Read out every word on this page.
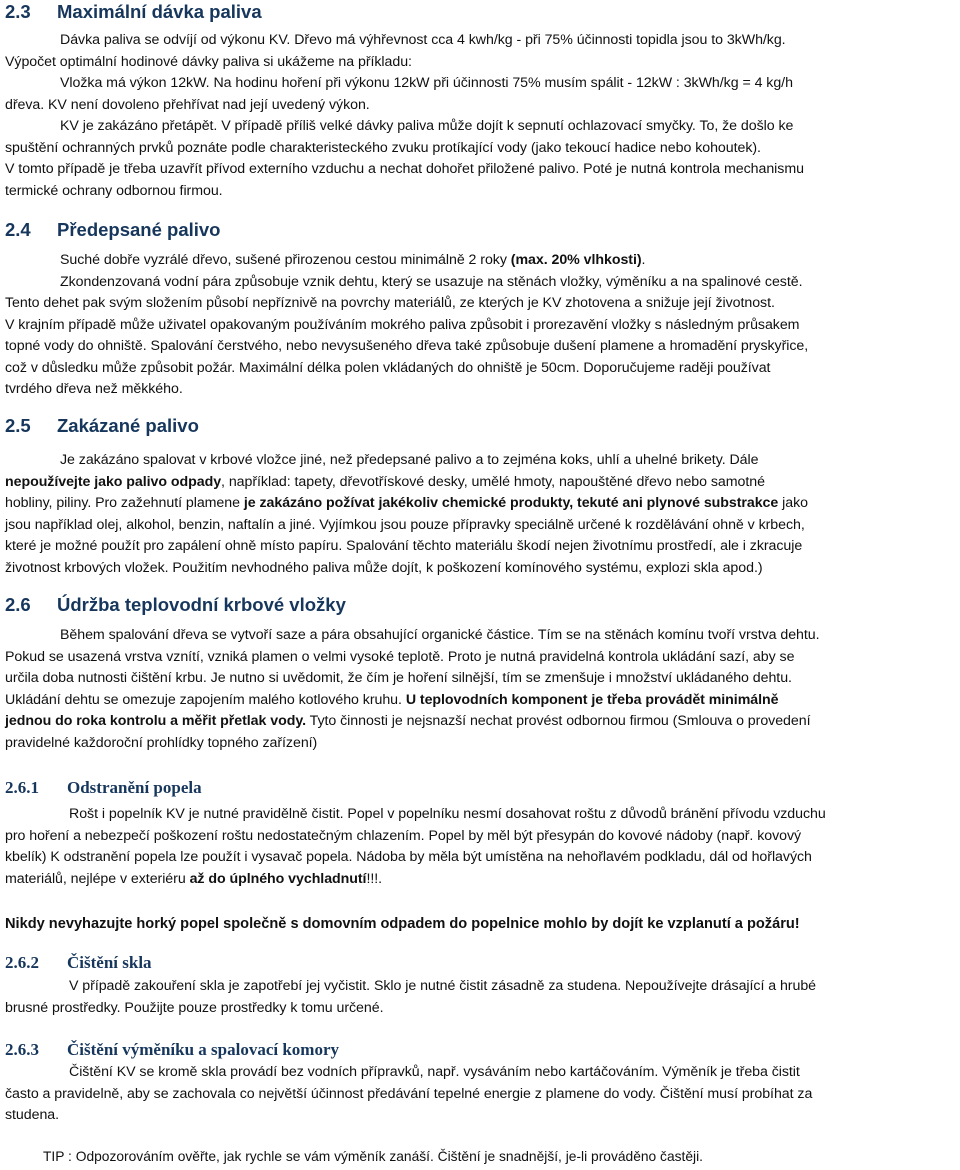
2.3 Maximální dávka paliva

Dávka paliva se odvíjí od výkonu KV. Dřevo má výhřevnost cca 4 kwh/kg - při 75% účinnosti topidla jsou to 3kWh/kg.

Výpočet optimální hodinové dávky paliva si ukážeme na příkladu:

Vložka má výkon 12kW. Na hodinu hoření při výkonu 12kW při účinnosti 75% musím spálit - 12kW : 3kWh/kg = 4 kg/h

dřeva. KV není dovoleno přehřívat nad její uvedený výkon.

KV je zakázáno přetápět. V případě příliš velké dávky paliva může dojít k sepnutí ochlazovací smyčky. To, že došlo ke

spuštění ochranných prvků poznáte podle charakteristeckého zvuku protíkající vody (jako tekoucí hadice nebo kohoutek).

V tomto případě je třeba uzavřít přívod externího vzduchu a nechat dohořet přiložené palivo. Poté je nutná kontrola mechanismu

termické ochrany odbornou firmou.

2.4 Předepsané palivo

Suché dobře vyzrálé dřevo, sušené přirozenou cestou minimálně 2 roky (max. 20% vlhkosti).

Zkondenzovaná vodní pára způsobuje vznik dehtu, který se usazuje na stěnách vložky, výměníku a na spalinové cestě.

Tento dehet pak svým složením působí nepříznivě na povrchy materiálů, ze kterých je KV zhotovena a snižuje její životnost.

V krajním případě může uživatel opakovaným používáním mokrého paliva způsobit i prorezavění vložky s následným průsakem

topné vody do ohniště. Spalování čerstvého, nebo nevysušeného dřeva také způsobuje dušení plamene a hromadění pryskyřice,

což v důsledku může způsobit požár. Maximální délka polen vkládaných do ohniště je 50cm. Doporučujeme raději používat

tvrdého dřeva než měkkého.

2.5 Zakázané palivo

Je zakázáno spalovat v krbové vložce jiné, než předepsané palivo a to zejména koks, uhlí a uhelné brikety. Dále

nepoužívejte jako palivo odpady, například: tapety, dřevotřískové desky, umělé hmoty, napouštěné dřevo nebo samotné

hobliny, piliny. Pro zažehnutí plamene je zakázáno požívat jakékoliv chemické produkty, tekuté ani plynové substrakce jako

jsou například olej, alkohol, benzin, naftalín a jiné. Vyjímkou jsou pouze přípravky speciálně určené k rozdělávání ohně v krbech,

které je možné použít pro zapálení ohně místo papíru. Spalování těchto materiálu škodí nejen životnímu prostředí, ale i zkracuje

životnost krbových vložek. Použitím nevhodného paliva může dojít, k poškození komínového systému, explozi skla apod.)

2.6 Údržba teplovodní krbové vložky

Během spalování dřeva se vytvoří saze a pára obsahující organické částice. Tím se na stěnách komínu tvoří vrstva dehtu.

Pokud se usazená vrstva vznítí, vzniká plamen o velmi vysoké teplotě. Proto je nutná pravidelná kontrola ukládání sazí, aby se

určila doba nutnosti čištění krbu. Je nutno si uvědomit, že čím je hoření silnější, tím se zmenšuje i množství ukládaného dehtu.

Ukládání dehtu se omezuje zapojením malého kotlového kruhu. U teplovodních komponent je třeba provádět minimálně

jednou do roka kontrolu a měřit přetlak vody. Tyto činnosti je nejsnazší nechat provést odbornou firmou (Smlouva o provedení

pravidelné každoroční prohlídky topného zařízení)

2.6.1 Odstranění popela

Rošt i popelník KV je nutné pravidělně čistit. Popel v popelníku nesmí dosahovat roštu z důvodů bránění přívodu vzduchu

pro hoření a nebezpečí poškození roštu nedostatečným chlazením. Popel by měl být přesypán do kovové nádoby (např. kovový

kbelík) K odstranění popela lze použít i vysavač popela. Nádoba by měla být umístěna na nehořlavém podkladu, dál od hořlavých

materiálů, nejlépe v exteriéru až do úplného vychladnutí!!!.

Nikdy nevyhazujte horký popel společně s domovním odpadem do popelnice mohlo by dojít ke vzplanutí a požáru!

2.6.2 Čištění skla

V případě zakouření skla je zapotřebí jej vyčistit. Sklo je nutné čistit zásadně za studena. Nepoužívejte drásající a hrubé

brusné prostředky. Použijte pouze prostředky k tomu určené.

2.6.3 Čištění výměníku a spalovací komory

Čištění KV se kromě skla provádí bez vodních přípravků, např. vysáváním nebo kartáčováním. Výměník je třeba čistit

často a pravidelně, aby se zachovala co největší účinnost předávání tepelné energie z plamene do vody. Čištění musí probíhat za

studena.

TIP : Odpozorováním ověřte, jak rychle se vám výměník zanáší. Čištění je snadnější, je-li prováděno častěji.
